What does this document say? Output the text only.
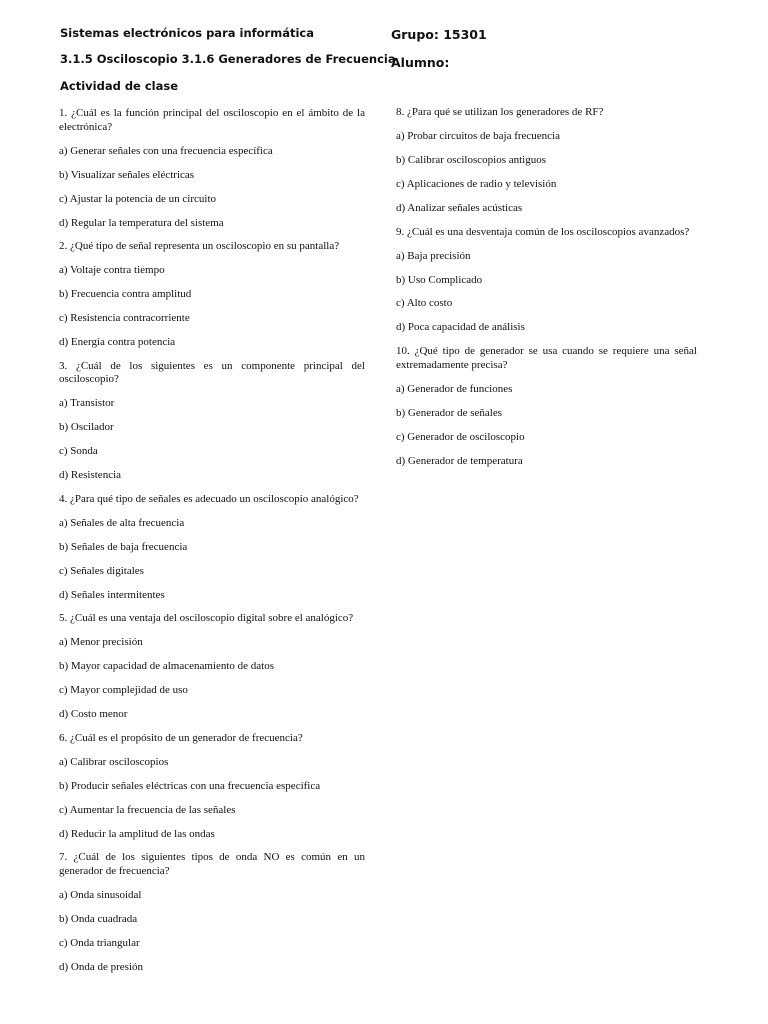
Sistemas electrónicos para informática
3.1.5 Osciloscopio 3.1.6 Generadores de Frecuencia
Actividad de clase
Grupo: 15301
Alumno:

1. ¿Cuál es la función principal del osciloscopio en el ámbito de la electrónica?

a) Generar señales con una frecuencia específica

b) Visualizar señales eléctricas

c) Ajustar la potencia de un circuito

d) Regular la temperatura del sistema

2. ¿Qué tipo de señal representa un osciloscopio en su pantalla?

a) Voltaje contra tiempo

b) Frecuencia contra amplitud

c) Resistencia contracorriente

d) Energía contra potencia

3. ¿Cuál de los siguientes es un componente principal del osciloscopio?

a) Transistor

b) Oscilador

c) Sonda

d) Resistencia

4. ¿Para qué tipo de señales es adecuado un osciloscopio analógico?

a) Señales de alta frecuencia

b) Señales de baja frecuencia

c) Señales digitales

d) Señales intermitentes

5. ¿Cuál es una ventaja del osciloscopio digital sobre el analógico?

a) Menor precisión

b) Mayor capacidad de almacenamiento de datos

c) Mayor complejidad de uso

d) Costo menor

6. ¿Cuál es el propósito de un generador de frecuencia?

a) Calibrar osciloscopios

b) Producir señales eléctricas con una frecuencia específica

c) Aumentar la frecuencia de las señales

d) Reducir la amplitud de las ondas

7. ¿Cuál de los siguientes tipos de onda NO es común en un generador de frecuencia?

a) Onda sinusoidal

b) Onda cuadrada

c) Onda triangular

d) Onda de presión

8. ¿Para qué se utilizan los generadores de RF?

a) Probar circuitos de baja frecuencia

b) Calibrar osciloscopios antiguos

c) Aplicaciones de radio y televisión

d) Analizar señales acústicas

9. ¿Cuál es una desventaja común de los osciloscopios avanzados?

a) Baja precisión

b) Uso Complicado

c) Alto costo

d) Poca capacidad de análisis

10. ¿Qué tipo de generador se usa cuando se requiere una señal extremadamente precisa?

a) Generador de funciones

b) Generador de señales

c) Generador de osciloscopio

d) Generador de temperatura
